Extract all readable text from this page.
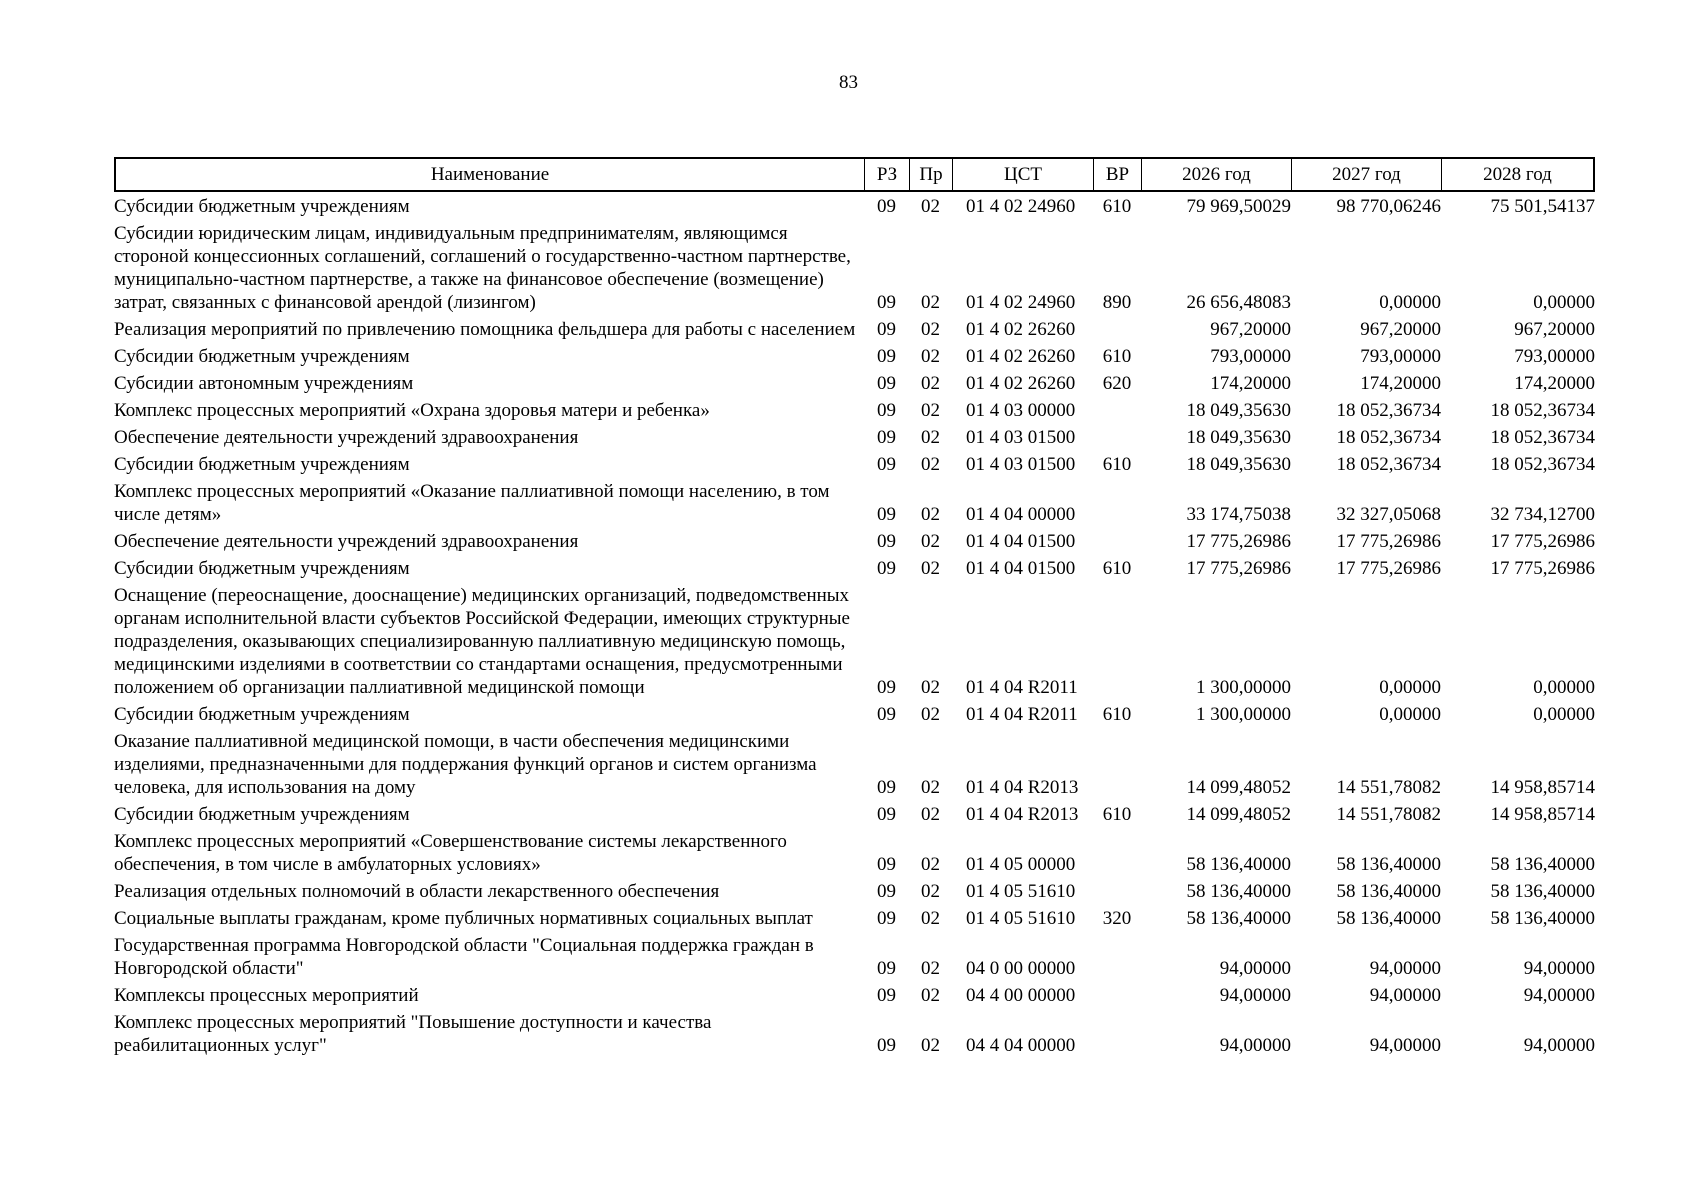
83
Наименование	РЗ	Пр	ЦСТ	ВР	2026 год	2027 год	2028 год
Субсидии бюджетным учреждениям	09	02	01 4 02 24960	610	79 969,50029	98 770,06246	75 501,54137
Субсидии юридическим лицам, индивидуальным предпринимателям, являющимся стороной концессионных соглашений, соглашений о государственно-частном партнерстве, муниципально-частном партнерстве, а также на финансовое обеспечение (возмещение) затрат, связанных с финансовой арендой (лизингом)	09	02	01 4 02 24960	890	26 656,48083	0,00000	0,00000
Реализация мероприятий по привлечению помощника фельдшера для работы с населением	09	02	01 4 02 26260		967,20000	967,20000	967,20000
Субсидии бюджетным учреждениям	09	02	01 4 02 26260	610	793,00000	793,00000	793,00000
Субсидии автономным учреждениям	09	02	01 4 02 26260	620	174,20000	174,20000	174,20000
Комплекс процессных мероприятий «Охрана здоровья матери и ребенка»	09	02	01 4 03 00000		18 049,35630	18 052,36734	18 052,36734
Обеспечение деятельности учреждений здравоохранения	09	02	01 4 03 01500		18 049,35630	18 052,36734	18 052,36734
Субсидии бюджетным учреждениям	09	02	01 4 03 01500	610	18 049,35630	18 052,36734	18 052,36734
Комплекс процессных мероприятий «Оказание паллиативной помощи населению, в том числе детям»	09	02	01 4 04 00000		33 174,75038	32 327,05068	32 734,12700
Обеспечение деятельности учреждений здравоохранения	09	02	01 4 04 01500		17 775,26986	17 775,26986	17 775,26986
Субсидии бюджетным учреждениям	09	02	01 4 04 01500	610	17 775,26986	17 775,26986	17 775,26986
Оснащение (переоснащение, дооснащение) медицинских организаций, подведомственных органам исполнительной власти субъектов Российской Федерации, имеющих структурные подразделения, оказывающих специализированную паллиативную медицинскую помощь, медицинскими изделиями в соответствии со стандартами оснащения, предусмотренными положением об организации паллиативной медицинской помощи	09	02	01 4 04 R2011		1 300,00000	0,00000	0,00000
Субсидии бюджетным учреждениям	09	02	01 4 04 R2011	610	1 300,00000	0,00000	0,00000
Оказание паллиативной медицинской помощи, в части обеспечения медицинскими изделиями, предназначенными для поддержания функций органов и систем организма человека, для использования на дому	09	02	01 4 04 R2013		14 099,48052	14 551,78082	14 958,85714
Субсидии бюджетным учреждениям	09	02	01 4 04 R2013	610	14 099,48052	14 551,78082	14 958,85714
Комплекс процессных мероприятий «Совершенствование системы лекарственного обеспечения, в том числе в амбулаторных условиях»	09	02	01 4 05 00000		58 136,40000	58 136,40000	58 136,40000
Реализация отдельных полномочий в области лекарственного обеспечения	09	02	01 4 05 51610		58 136,40000	58 136,40000	58 136,40000
Социальные выплаты гражданам, кроме публичных нормативных социальных выплат	09	02	01 4 05 51610	320	58 136,40000	58 136,40000	58 136,40000
Государственная программа Новгородской области "Социальная поддержка граждан в Новгородской области"	09	02	04 0 00 00000		94,00000	94,00000	94,00000
Комплексы процессных мероприятий	09	02	04 4 00 00000		94,00000	94,00000	94,00000
Комплекс процессных мероприятий "Повышение доступности и качества реабилитационных услуг"	09	02	04 4 04 00000		94,00000	94,00000	94,00000
